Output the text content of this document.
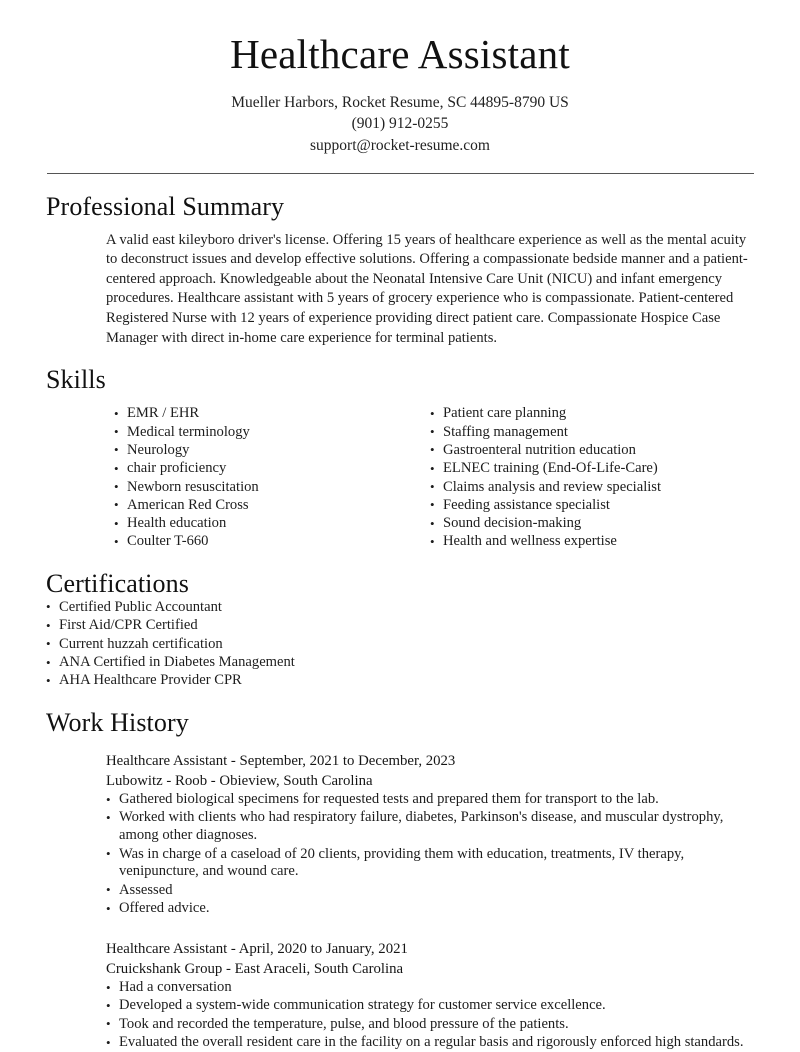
Healthcare Assistant
Mueller Harbors, Rocket Resume, SC 44895-8790 US
(901) 912-0255
support@rocket-resume.com
Professional Summary

A valid east kileyboro driver's license. Offering 15 years of healthcare experience as well as the mental acuity to deconstruct issues and develop effective solutions. Offering a compassionate bedside manner and a patient-centered approach. Knowledgeable about the Neonatal Intensive Care Unit (NICU) and infant emergency procedures. Healthcare assistant with 5 years of grocery experience who is compassionate. Patient-centered Registered Nurse with 12 years of experience providing direct patient care. Compassionate Hospice Case Manager with direct in-home care experience for terminal patients.

Skills
• EMR / EHR
• Medical terminology
• Neurology
• chair proficiency
• Newborn resuscitation
• American Red Cross
• Health education
• Coulter T-660
• Patient care planning
• Staffing management
• Gastroenteral nutrition education
• ELNEC training (End-Of-Life-Care)
• Claims analysis and review specialist
• Feeding assistance specialist
• Sound decision-making
• Health and wellness expertise
Certifications
• Certified Public Accountant
• First Aid/CPR Certified
• Current huzzah certification
• ANA Certified in Diabetes Management
• AHA Healthcare Provider CPR
Work History
Healthcare Assistant - September, 2021 to December, 2023
Lubowitz - Roob - Obieview, South Carolina
• Gathered biological specimens for requested tests and prepared them for transport to the lab.
• Worked with clients who had respiratory failure, diabetes, Parkinson's disease, and muscular dystrophy, among other diagnoses.
• Was in charge of a caseload of 20 clients, providing them with education, treatments, IV therapy, venipuncture, and wound care.
• Assessed
• Offered advice.
Healthcare Assistant - April, 2020 to January, 2021
Cruickshank Group - East Araceli, South Carolina
• Had a conversation
• Developed a system-wide communication strategy for customer service excellence.
• Took and recorded the temperature, pulse, and blood pressure of the patients.
• Evaluated the overall resident care in the facility on a regular basis and rigorously enforced high standards.
